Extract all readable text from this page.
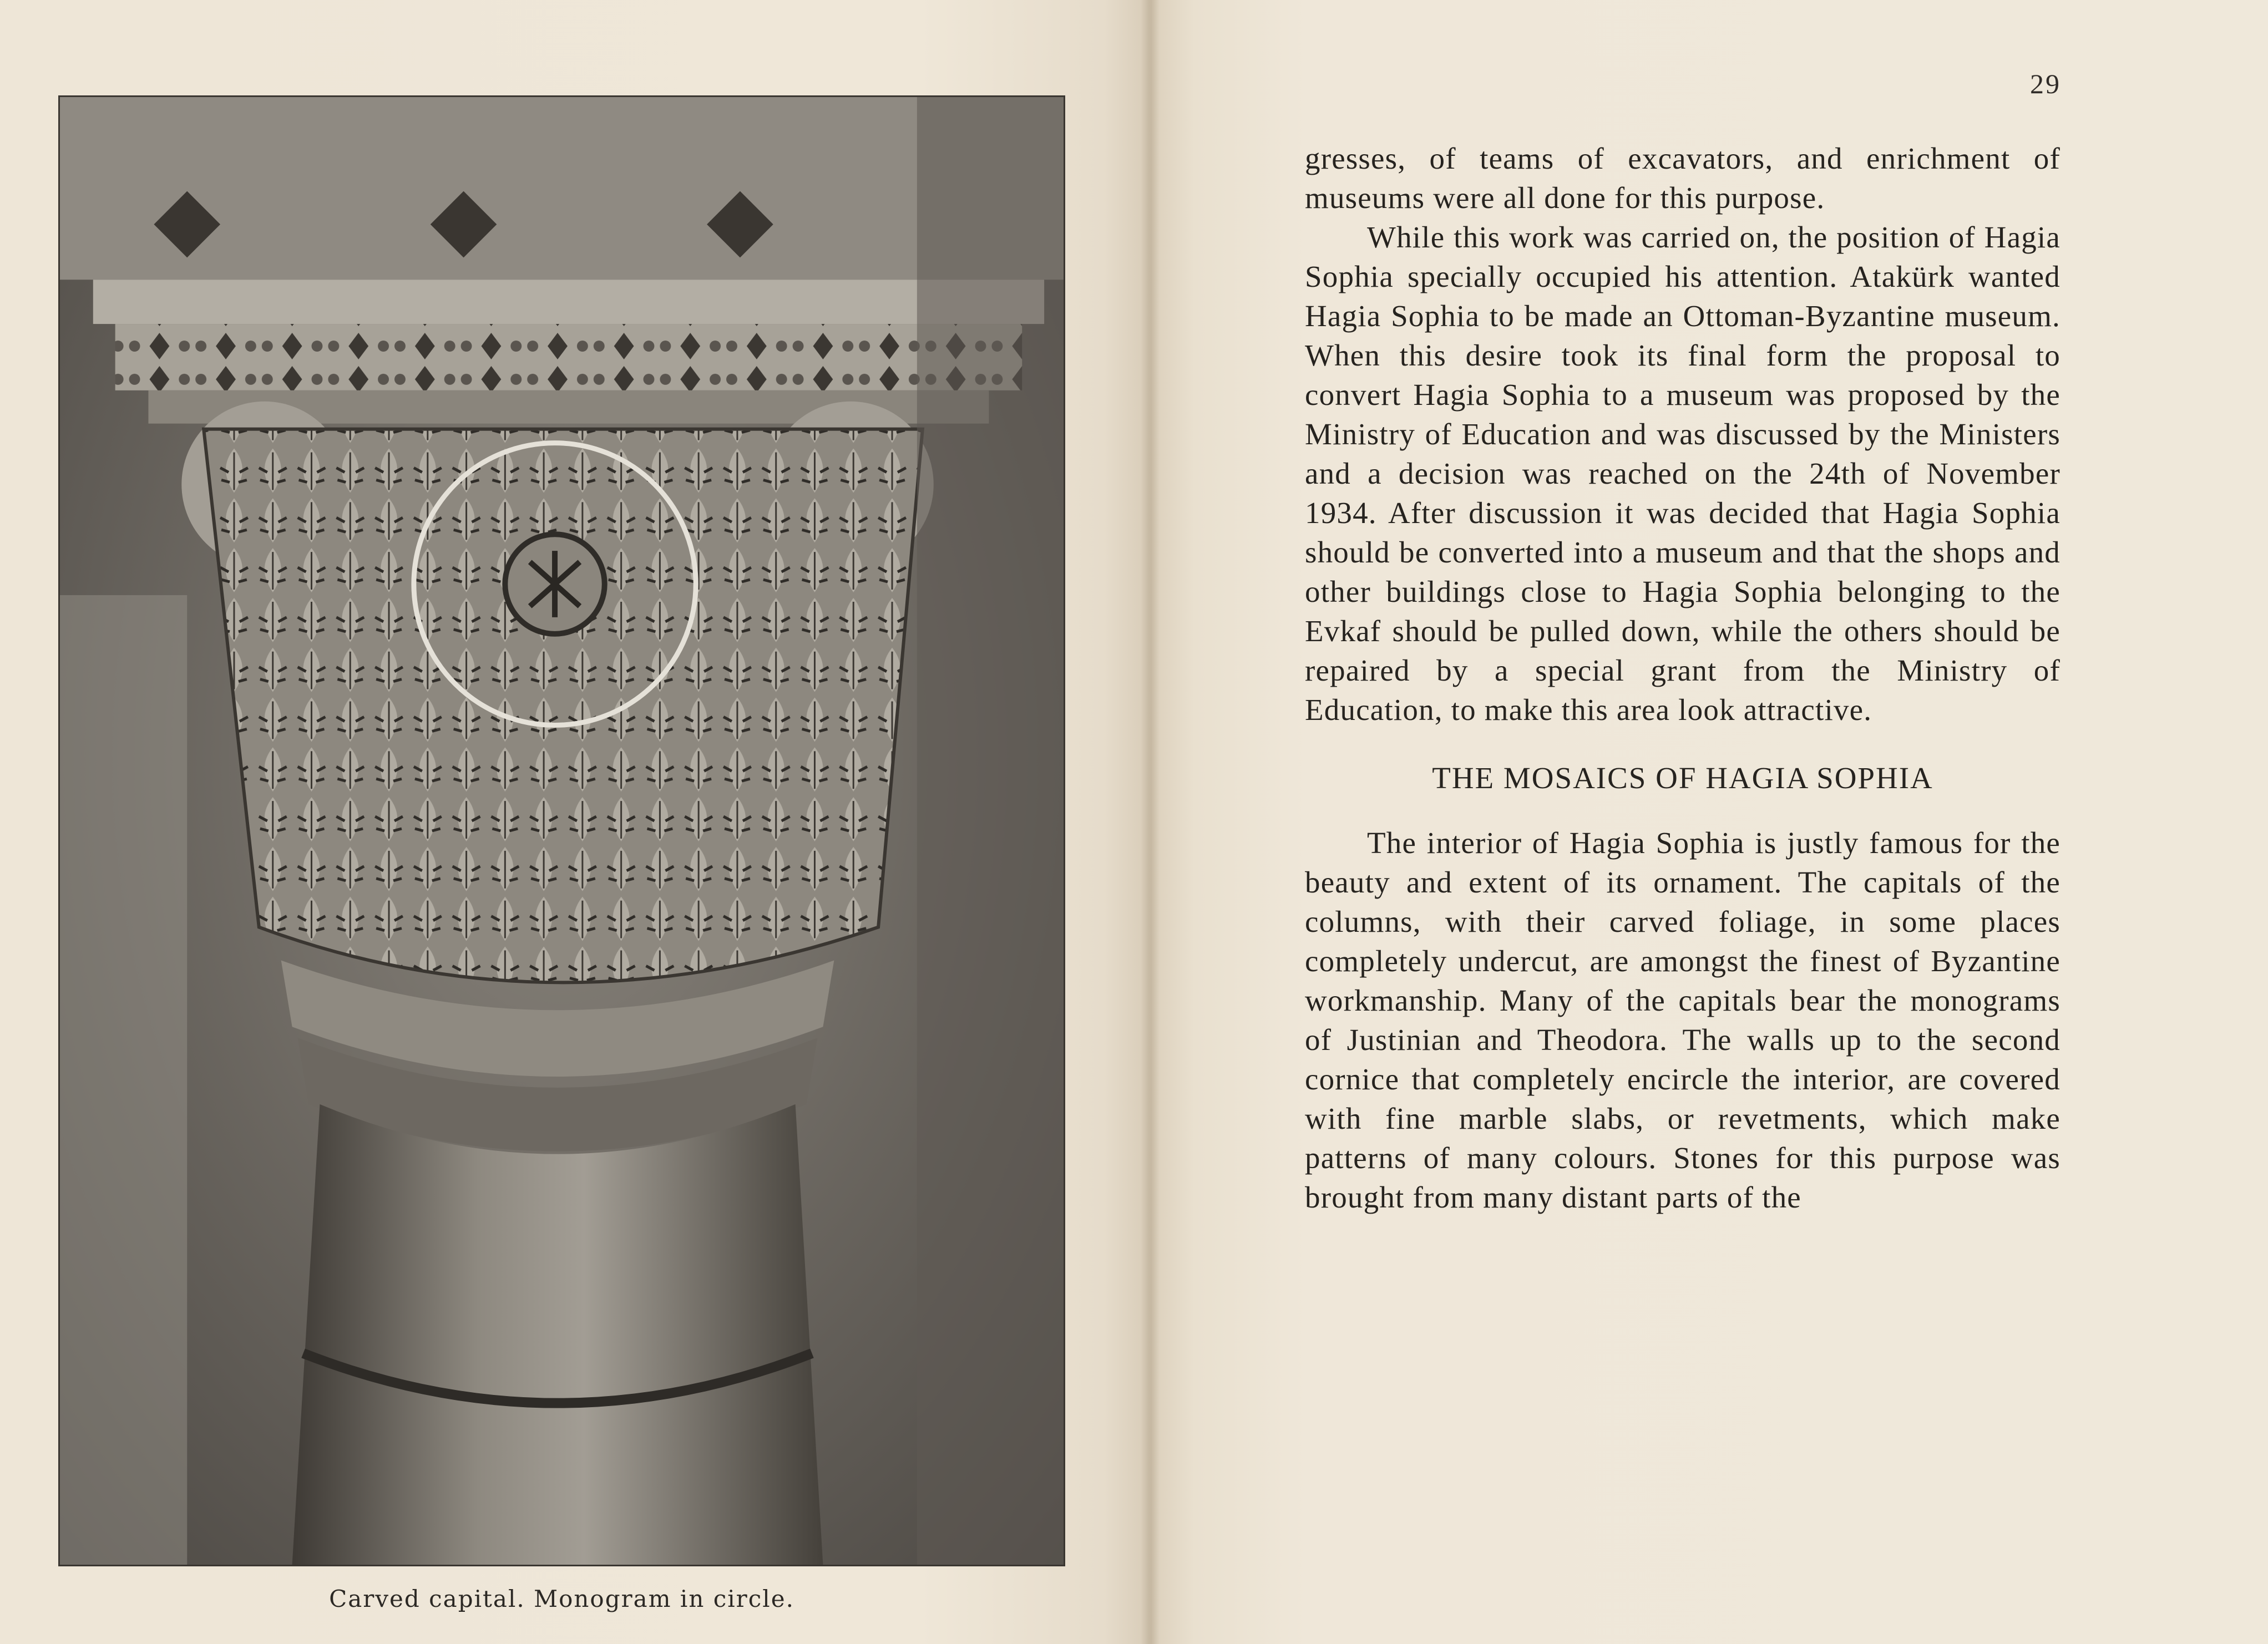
Carved capital. Monogram in circle.
29

gresses, of teams of excavators, and enrichment of museums were all done for this purpose.

While this work was carried on, the position of Hagia Sophia specially occupied his attention. Atakürk wanted Hagia Sophia to be made an Ottoman-Byzantine museum. When this desire took its final form the proposal to convert Hagia Sophia to a museum was proposed by the Ministry of Education and was discussed by the Ministers and a decision was reached on the 24th of November 1934. After discussion it was decided that Hagia Sophia should be converted into a museum and that the shops and other buildings close to Hagia Sophia belonging to the Evkaf should be pulled down, while the others should be repaired by a special grant from the Ministry of Education, to make this area look attractive.

THE MOSAICS OF HAGIA SOPHIA

The interior of Hagia Sophia is justly famous for the beauty and extent of its ornament. The capitals of the columns, with their carved foliage, in some places completely undercut, are amongst the finest of Byzantine workmanship. Many of the capitals bear the monograms of Justinian and Theodora. The walls up to the second cornice that completely encircle the interior, are covered with fine marble slabs, or revetments, which make patterns of many colours. Stones for this purpose was brought from many distant parts of the
